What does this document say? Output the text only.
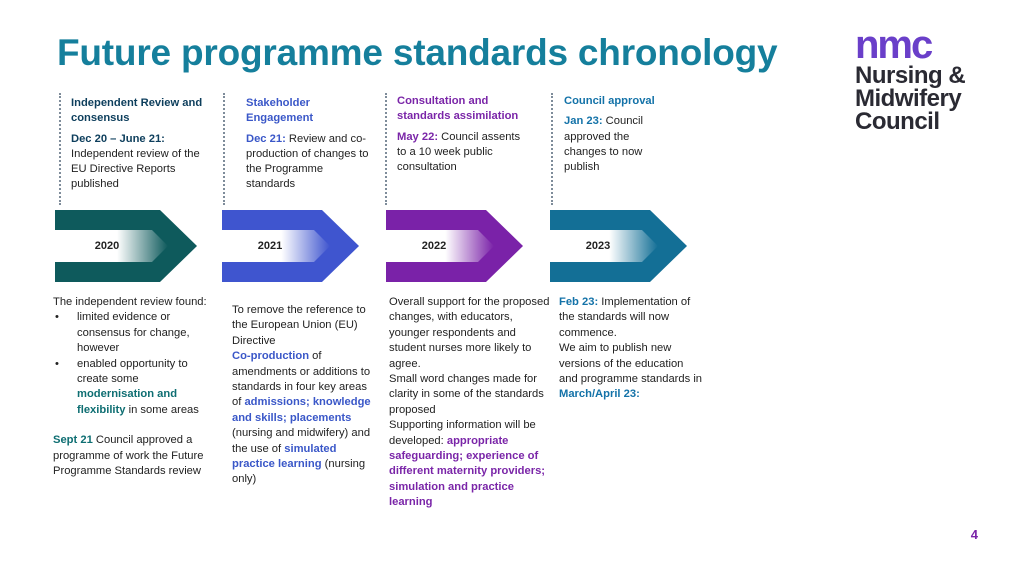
Future programme standards chronology nmc
Nursing &
Midwifery
Council
Independent Review and consensus
Dec 20 – June 21:
Independent review of the EU Directive Reports published
Stakeholder Engagement
Dec 21: Review and co-production of changes to the Programme standards
Consultation and standards assimilation
May 22: Council assents to a 10 week public consultation
Council approval
Jan 23: Council approved the changes to now publish
2020	2021	2022	2023

The independent review found:

• limited evidence or consensus for change, however
• enabled opportunity to create some modernisation and flexibility in some areas

Sept 21 Council approved a programme of work the Future Programme Standards review

To remove the reference to the European Union (EU) Directive

Co-production of amendments or additions to standards in four key areas of admissions; knowledge and skills; placements (nursing and midwifery) and the use of simulated practice learning (nursing only)

Overall support for the proposed changes, with educators, younger respondents and student nurses more likely to agree.

Small word changes made for clarity in some of the standards proposed

Supporting information will be developed: appropriate safeguarding; experience of different maternity providers; simulation and practice learning

Feb 23: Implementation of the standards will now commence.

We aim to publish new versions of the education and programme standards in March/April 23:

4
